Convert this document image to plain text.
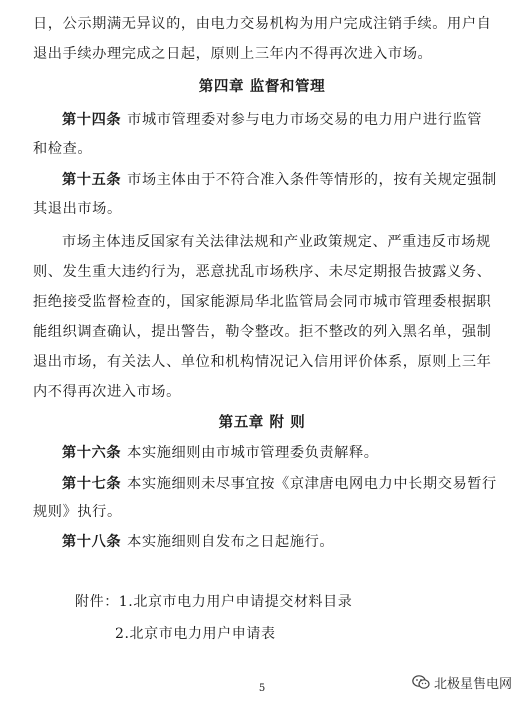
日，公示期满无异议的，由电力交易机构为用户完成注销手续。用户自
退出手续办理完成之日起，原则上三年内不得再次进入市场。
第四章 监督和管理
第十四条 市城市管理委对参与电力市场交易的电力用户进行监管
和检查。
第十五条 市场主体由于不符合准入条件等情形的，按有关规定强制
其退出市场。
市场主体违反国家有关法律法规和产业政策规定、严重违反市场规
则、发生重大违约行为，恶意扰乱市场秩序、未尽定期报告披露义务、
拒绝接受监督检查的，国家能源局华北监管局会同市城市管理委根据职
能组织调查确认，提出警告，勒令整改。拒不整改的列入黑名单，强制
退出市场，有关法人、单位和机构情况记入信用评价体系，原则上三年
内不得再次进入市场。
第五章 附 则
第十六条 本实施细则由市城市管理委负责解释。
第十七条 本实施细则未尽事宜按《京津唐电网电力中长期交易暂行
规则》执行。
第十八条 本实施细则自发布之日起施行。
附件：1.北京市电力用户申请提交材料目录
2.北京市电力用户申请表
5	北极星售电网
